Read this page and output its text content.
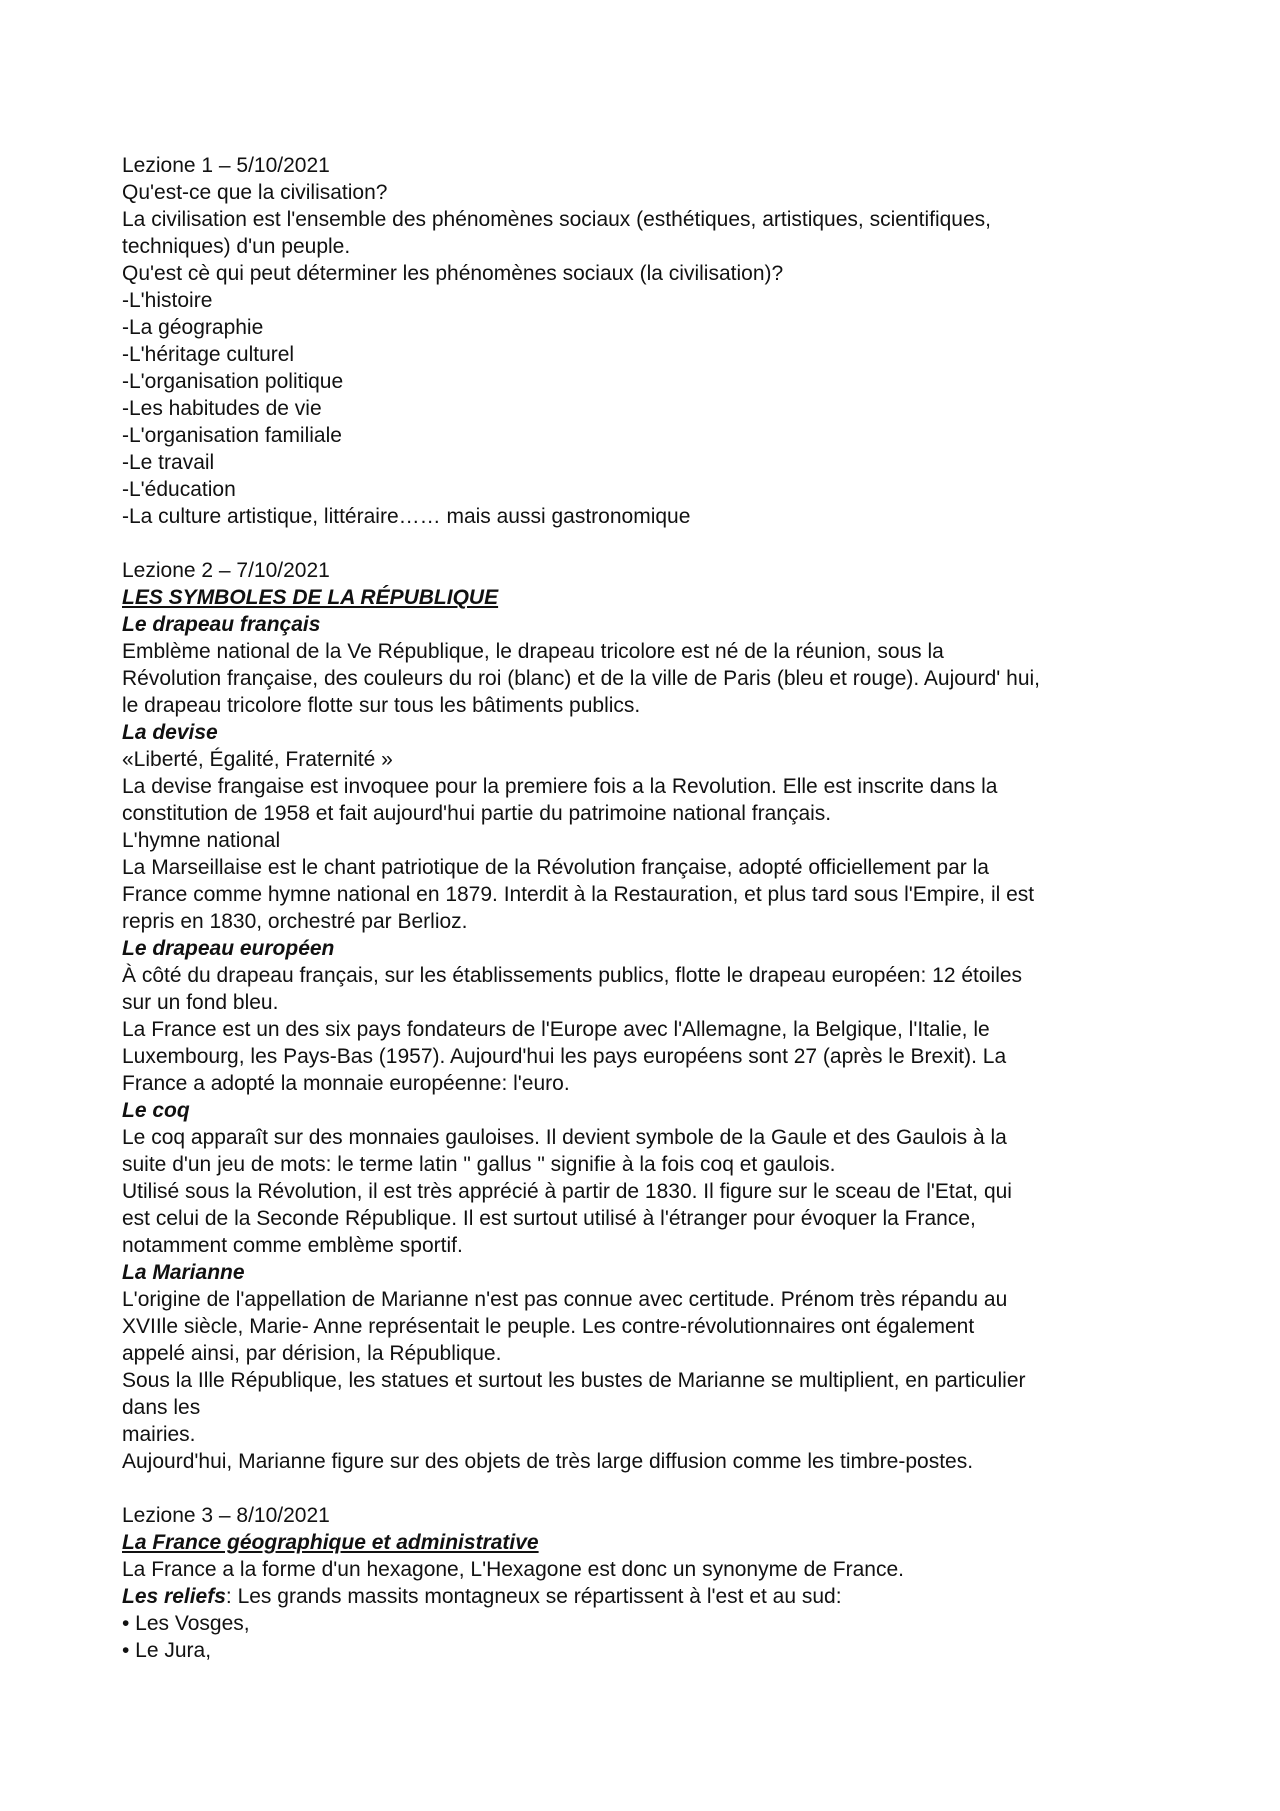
Lezione 1 – 5/10/2021

Qu'est-ce que la civilisation?

La civilisation est l'ensemble des phénomènes sociaux (esthétiques, artistiques, scientifiques,

techniques) d'un peuple.

Qu'est cè qui peut déterminer les phénomènes sociaux (la civilisation)?

-L'histoire

-La géographie

-L'héritage culturel

-L'organisation politique

-Les habitudes de vie

-L'organisation familiale

-Le travail

-L'éducation

-La culture artistique, littéraire…… mais aussi gastronomique

Lezione 2 – 7/10/2021

LES SYMBOLES DE LA RÉPUBLIQUE

Le drapeau français

Emblème national de la Ve République, le drapeau tricolore est né de la réunion, sous la

Révolution française, des couleurs du roi (blanc) et de la ville de Paris (bleu et rouge). Aujourd' hui,

le drapeau tricolore flotte sur tous les bâtiments publics.

La devise

«Liberté, Égalité, Fraternité »

La devise frangaise est invoquee pour la premiere fois a la Revolution. Elle est inscrite dans la

constitution de 1958 et fait aujourd'hui partie du patrimoine national français.

L'hymne national

La Marseillaise est le chant patriotique de la Révolution française, adopté officiellement par la

France comme hymne national en 1879. Interdit à la Restauration, et plus tard sous l'Empire, il est

repris en 1830, orchestré par Berlioz.

Le drapeau européen

À côté du drapeau français, sur les établissements publics, flotte le drapeau européen: 12 étoiles

sur un fond bleu.

La France est un des six pays fondateurs de l'Europe avec l'Allemagne, la Belgique, l'Italie, le

Luxembourg, les Pays-Bas (1957). Aujourd'hui les pays européens sont 27 (après le Brexit). La

France a adopté la monnaie européenne: l'euro.

Le coq

Le coq apparaît sur des monnaies gauloises. Il devient symbole de la Gaule et des Gaulois à la

suite d'un jeu de mots: le terme latin " gallus " signifie à la fois coq et gaulois.

Utilisé sous la Révolution, il est très apprécié à partir de 1830. Il figure sur le sceau de l'Etat, qui

est celui de la Seconde République. Il est surtout utilisé à l'étranger pour évoquer la France,

notamment comme emblème sportif.

La Marianne

L'origine de l'appellation de Marianne n'est pas connue avec certitude. Prénom très répandu au

XVIIle siècle, Marie- Anne représentait le peuple. Les contre-révolutionnaires ont également

appelé ainsi, par dérision, la République.

Sous la Ille République, les statues et surtout les bustes de Marianne se multiplient, en particulier

dans les

mairies.

Aujourd'hui, Marianne figure sur des objets de très large diffusion comme les timbre-postes.

Lezione 3 – 8/10/2021

La France géographique et administrative

La France a la forme d'un hexagone, L'Hexagone est donc un synonyme de France.

Les reliefs: Les grands massits montagneux se répartissent à l'est et au sud:

• Les Vosges,

• Le Jura,
